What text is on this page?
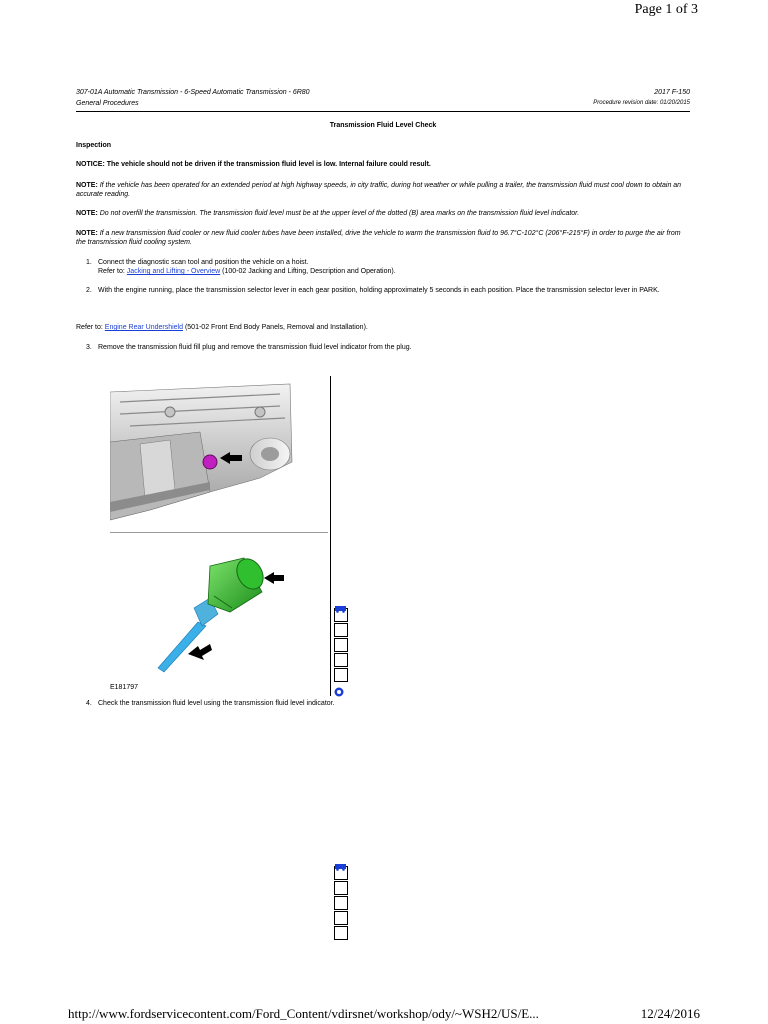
Page 1 of 3
307-01A Automatic Transmission - 6-Speed Automatic Transmission - 6R80
General Procedures
2017 F-150
Procedure revision date: 01/20/2015
Transmission Fluid Level Check
Inspection
NOTICE: The vehicle should not be driven if the transmission fluid level is low. Internal failure could result.
NOTE: If the vehicle has been operated for an extended period at high highway speeds, in city traffic, during hot weather or while pulling a trailer, the transmission fluid must cool down to obtain an accurate reading.
NOTE: Do not overfill the transmission. The transmission fluid level must be at the upper level of the dotted (B) area marks on the transmission fluid level indicator.
NOTE: If a new transmission fluid cooler or new fluid cooler tubes have been installed, drive the vehicle to warm the transmission fluid to 96.7°C-102°C (206°F-215°F) in order to purge the air from the transmission fluid cooling system.
1. Connect the diagnostic scan tool and position the vehicle on a hoist.
Refer to: Jacking and Lifting - Overview (100-02 Jacking and Lifting, Description and Operation).
2. With the engine running, place the transmission selector lever in each gear position, holding approximately 5 seconds in each position. Place the transmission selector lever in PARK.
Refer to: Engine Rear Undershield (501-02 Front End Body Panels, Removal and Installation).
3. Remove the transmission fluid fill plug and remove the transmission fluid level indicator from the plug.
E181797
4. Check the transmission fluid level using the transmission fluid level indicator.
http://www.fordservicecontent.com/Ford_Content/vdirsnet/workshop/ody/~WSH2/US/E...	12/24/2016
